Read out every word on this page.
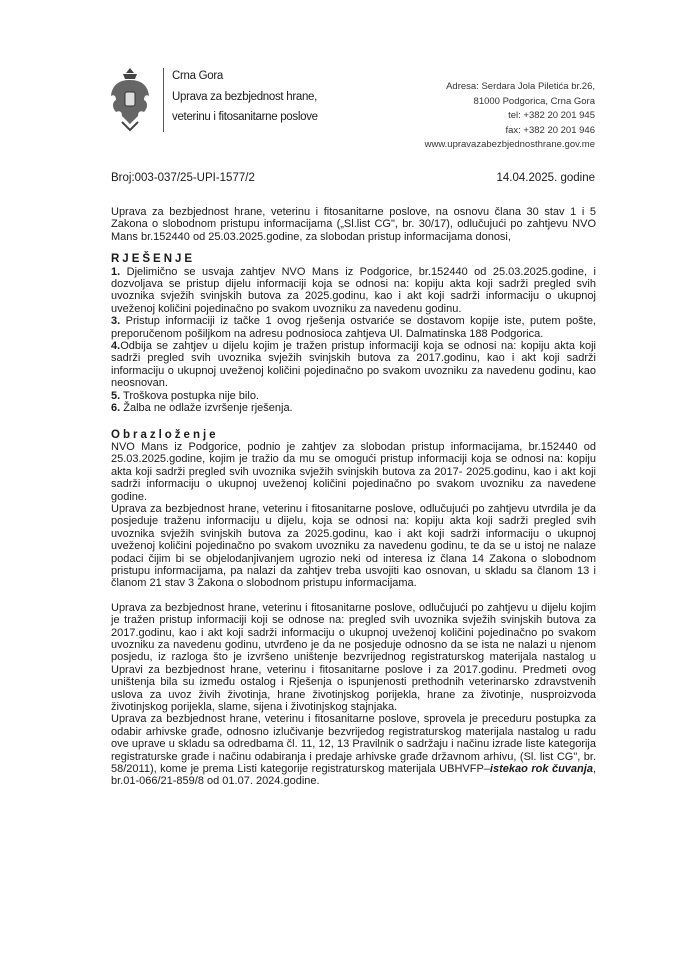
Crna Gora
Uprava za bezbjednost hrane,
veterinu i fitosanitarne poslove
Adresa: Serdara Jola Piletića br.26,
81000 Podgorica, Crna Gora
tel: +382 20 201 945
fax: +382 20 201 946
www.upravazabezbjednosthrane.gov.me
Broj:003-037/25-UPI-1577/2	14.04.2025. godine

Uprava za bezbjednost hrane, veterinu i fitosanitarne poslove, na osnovu člana 30 stav 1 i 5 Zakona o slobodnom pristupu informacijama („Sl.list CG", br. 30/17), odlučujući po zahtjevu NVO Mans br.152440 od 25.03.2025.godine, za slobodan pristup informacijama donosi,

RJEŠENJE

1. Djelimično se usvaja zahtjev NVO Mans iz Podgorice, br.152440 od 25.03.2025.godine, i dozvoljava se pristup dijelu informaciji koja se odnosi na: kopiju akta koji sadrži pregled svih uvoznika svježih svinjskih butova za 2025.godinu, kao i akt koji sadrži informaciju o ukupnoj uveženoj količini pojedinačno po svakom uvozniku za navedenu godinu.

3. Pristup informaciji iz tačke 1 ovog rješenja ostvariće se dostavom kopije iste, putem pošte, preporučenom pošiljkom na adresu podnosioca zahtjeva Ul. Dalmatinska 188 Podgorica.

4.Odbija se zahtjev u dijelu kojim je tražen pristup informaciji koja se odnosi na: kopiju akta koji sadrži pregled svih uvoznika svježih svinjskih butova za 2017.godinu, kao i akt koji sadrži informaciju o ukupnoj uveženoj količini pojedinačno po svakom uvozniku za navedenu godinu, kao neosnovan.

5. Troškova postupka nije bilo.

6. Žalba ne odlaže izvršenje rješenja.

Obrazloženje

NVO Mans iz Podgorice, podnio je zahtjev za slobodan pristup informacijama, br.152440 od 25.03.2025.godine, kojim je tražio da mu se omogući pristup informaciji koja se odnosi na: kopiju akta koji sadrži pregled svih uvoznika svježih svinjskih butova za 2017- 2025.godinu, kao i akt koji sadrži informaciju o ukupnoj uveženoj količini pojedinačno po svakom uvozniku za navedene godine.

Uprava za bezbjednost hrane, veterinu i fitosanitarne poslove, odlučujući po zahtjevu utvrdila je da posjeduje traženu informaciju u dijelu, koja se odnosi na: kopiju akta koji sadrži pregled svih uvoznika svježih svinjskih butova za 2025.godinu, kao i akt koji sadrži informaciju o ukupnoj uveženoj količini pojedinačno po svakom uvozniku za navedenu godinu, te da se u istoj ne nalaze podaci čijim bi se objelodanjivanjem ugrozio neki od interesa iz člana 14 Zakona o slobodnom pristupu informacijama, pa nalazi da zahtjev treba usvojiti kao osnovan, u skladu sa članom 13 i članom 21 stav 3 Zakona o slobodnom pristupu informacijama.

Uprava za bezbjednost hrane, veterinu i fitosanitarne poslove, odlučujući po zahtjevu u dijelu kojim je tražen pristup informaciji koji se odnose na: pregled svih uvoznika svježih svinjskih butova za 2017.godinu, kao i akt koji sadrži informaciju o ukupnoj uveženoj količini pojedinačno po svakom uvozniku za navedenu godinu, utvrđeno je da ne posjeduje odnosno da se ista ne nalazi u njenom posjedu, iz razloga što je izvršeno uništenje bezvrijednog registraturskog materijala nastalog u Upravi za bezbjednost hrane, veterinu i fitosanitarne poslove i za 2017.godinu. Predmeti ovog uništenja bila su između ostalog i Rješenja o ispunjenosti prethodnih veterinarsko zdravstvenih uslova za uvoz živih životinja, hrane životinjskog porijekla, hrane za životinje, nusproizvoda životinjskog porijekla, slame, sijena i životinjskog stajnjaka.

Uprava za bezbjednost hrane, veterinu i fitosanitarne poslove, sprovela je preceduru postupka za odabir arhivske građe, odnosno izlučivanje bezvrijedog registraturskog materijala nastalog u radu ove uprave u skladu sa odredbama čl. 11, 12, 13 Pravilnik o sadržaju i načinu izrade liste kategorija registraturske građe i načinu odabiranja i predaje arhivske građe državnom arhivu, (Sl. list CG", br. 58/2011), kome je prema Listi kategorije registraturskog materijala UBHVFP–istekao rok čuvanja, br.01-066/21-859/8 od 01.07. 2024.godine.
